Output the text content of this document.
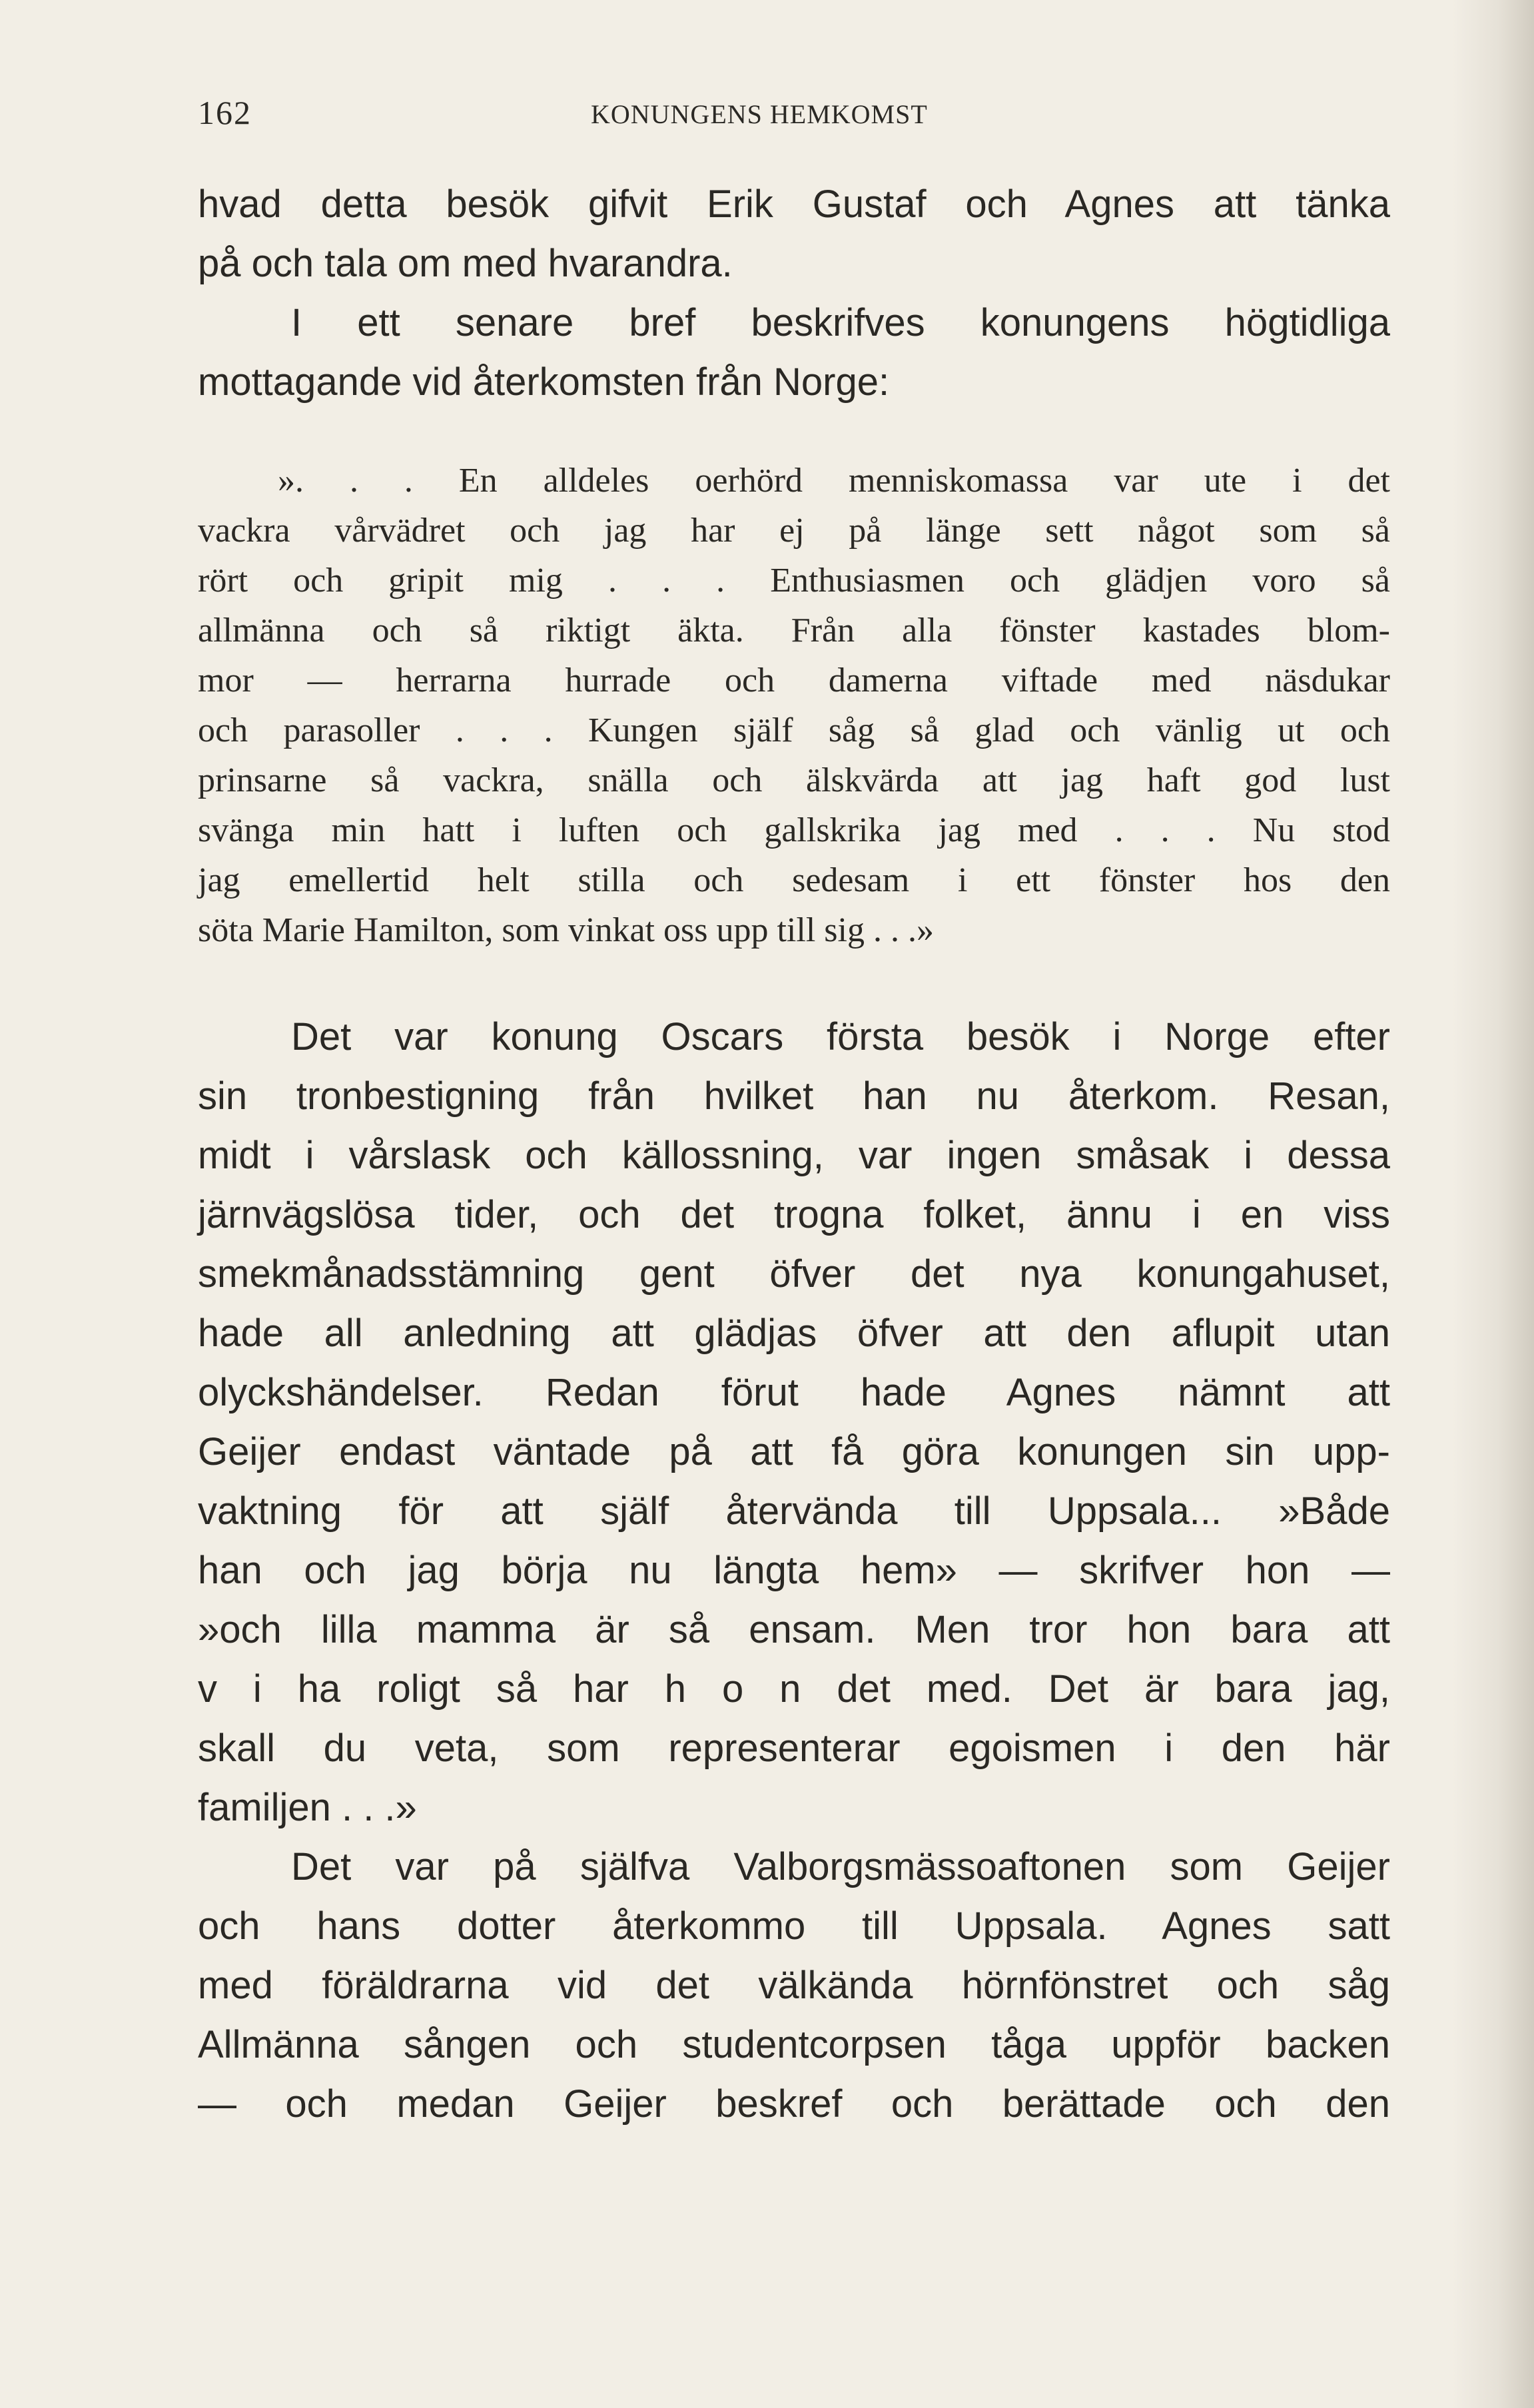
162	KONUNGENS HEMKOMST
hvad detta besök gifvit Erik Gustaf och Agnes att tänka
på och tala om med hvarandra.
I ett senare bref beskrifves konungens högtidliga
mottagande vid återkomsten från Norge:
». . . En alldeles oerhörd menniskomassa var ute i det
vackra vårvädret och jag har ej på länge sett något som så
rört och gripit mig . . . Enthusiasmen och glädjen voro så
allmänna och så riktigt äkta. Från alla fönster kastades blom-
mor — herrarna hurrade och damerna viftade med näsdukar
och parasoller . . . Kungen själf såg så glad och vänlig ut och
prinsarne så vackra, snälla och älskvärda att jag haft god lust
svänga min hatt i luften och gallskrika jag med . . . Nu stod
jag emellertid helt stilla och sedesam i ett fönster hos den
söta Marie Hamilton, som vinkat oss upp till sig . . .»
Det var konung Oscars första besök i Norge efter
sin tronbestigning från hvilket han nu återkom. Resan,
midt i vårslask och källossning, var ingen småsak i dessa
järnvägslösa tider, och det trogna folket, ännu i en viss
smekmånadsstämning gent öfver det nya konungahuset,
hade all anledning att glädjas öfver att den aflupit utan
olyckshändelser. Redan förut hade Agnes nämnt att
Geijer endast väntade på att få göra konungen sin upp-
vaktning för att själf återvända till Uppsala... »Både
han och jag börja nu längta hem» — skrifver hon —
»och lilla mamma är så ensam. Men tror hon bara att
v i ha roligt så har h o n det med. Det är bara jag,
skall du veta, som representerar egoismen i den här
familjen . . .»
Det var på själfva Valborgsmässoaftonen som Geijer
och hans dotter återkommo till Uppsala. Agnes satt
med föräldrarna vid det välkända hörnfönstret och såg
Allmänna sången och studentcorpsen tåga uppför backen
— och medan Geijer beskref och berättade och den
